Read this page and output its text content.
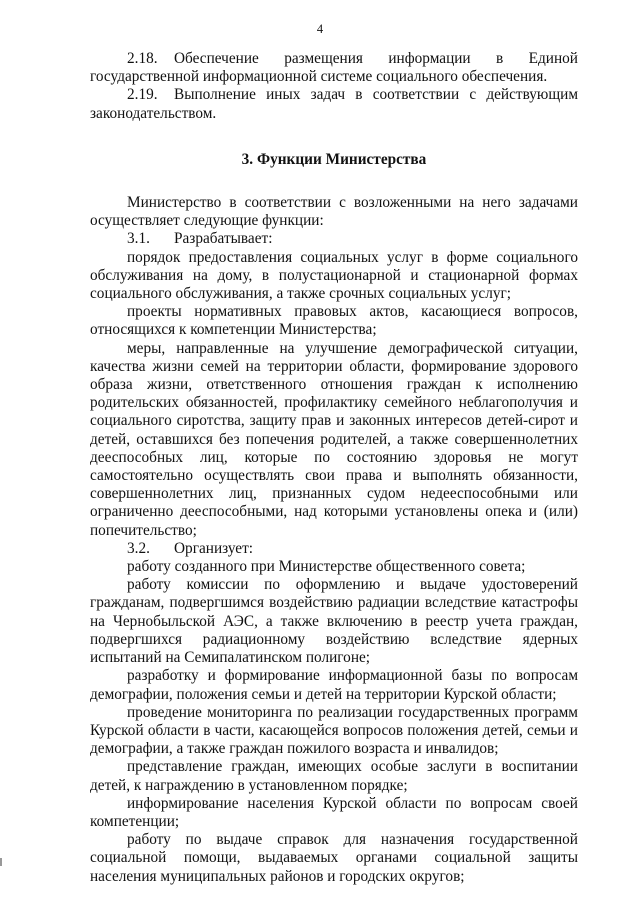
4

2.18. Обеспечение размещения информации в Единой государственной информационной системе социального обеспечения.

2.19. Выполнение иных задач в соответствии с действующим законодательством.

3. Функции Министерства

Министерство в соответствии с возложенными на него задачами осуществляет следующие функции:

3.1. Разрабатывает:

порядок предоставления социальных услуг в форме социального обслуживания на дому, в полустационарной и стационарной формах социального обслуживания, а также срочных социальных услуг;

проекты нормативных правовых актов, касающиеся вопросов, относящихся к компетенции Министерства;

меры, направленные на улучшение демографической ситуации, качества жизни семей на территории области, формирование здорового образа жизни, ответственного отношения граждан к исполнению родительских обязанностей, профилактику семейного неблагополучия и социального сиротства, защиту прав и законных интересов детей-сирот и детей, оставшихся без попечения родителей, а также совершеннолетних дееспособных лиц, которые по состоянию здоровья не могут самостоятельно осуществлять свои права и выполнять обязанности, совершеннолетних лиц, признанных судом недееспособными или ограниченно дееспособными, над которыми установлены опека и (или) попечительство;

3.2. Организует:

работу созданного при Министерстве общественного совета;

работу комиссии по оформлению и выдаче удостоверений гражданам, подвергшимся воздействию радиации вследствие катастрофы на Чернобыльской АЭС, а также включению в реестр учета граждан, подвергшихся радиационному воздействию вследствие ядерных испытаний на Семипалатинском полигоне;

разработку и формирование информационной базы по вопросам демографии, положения семьи и детей на территории Курской области;

проведение мониторинга по реализации государственных программ Курской области в части, касающейся вопросов положения детей, семьи и демографии, а также граждан пожилого возраста и инвалидов;

представление граждан, имеющих особые заслуги в воспитании детей, к награждению в установленном порядке;

информирование населения Курской области по вопросам своей компетенции;

работу по выдаче справок для назначения государственной социальной помощи, выдаваемых органами социальной защиты населения муниципальных районов и городских округов;
